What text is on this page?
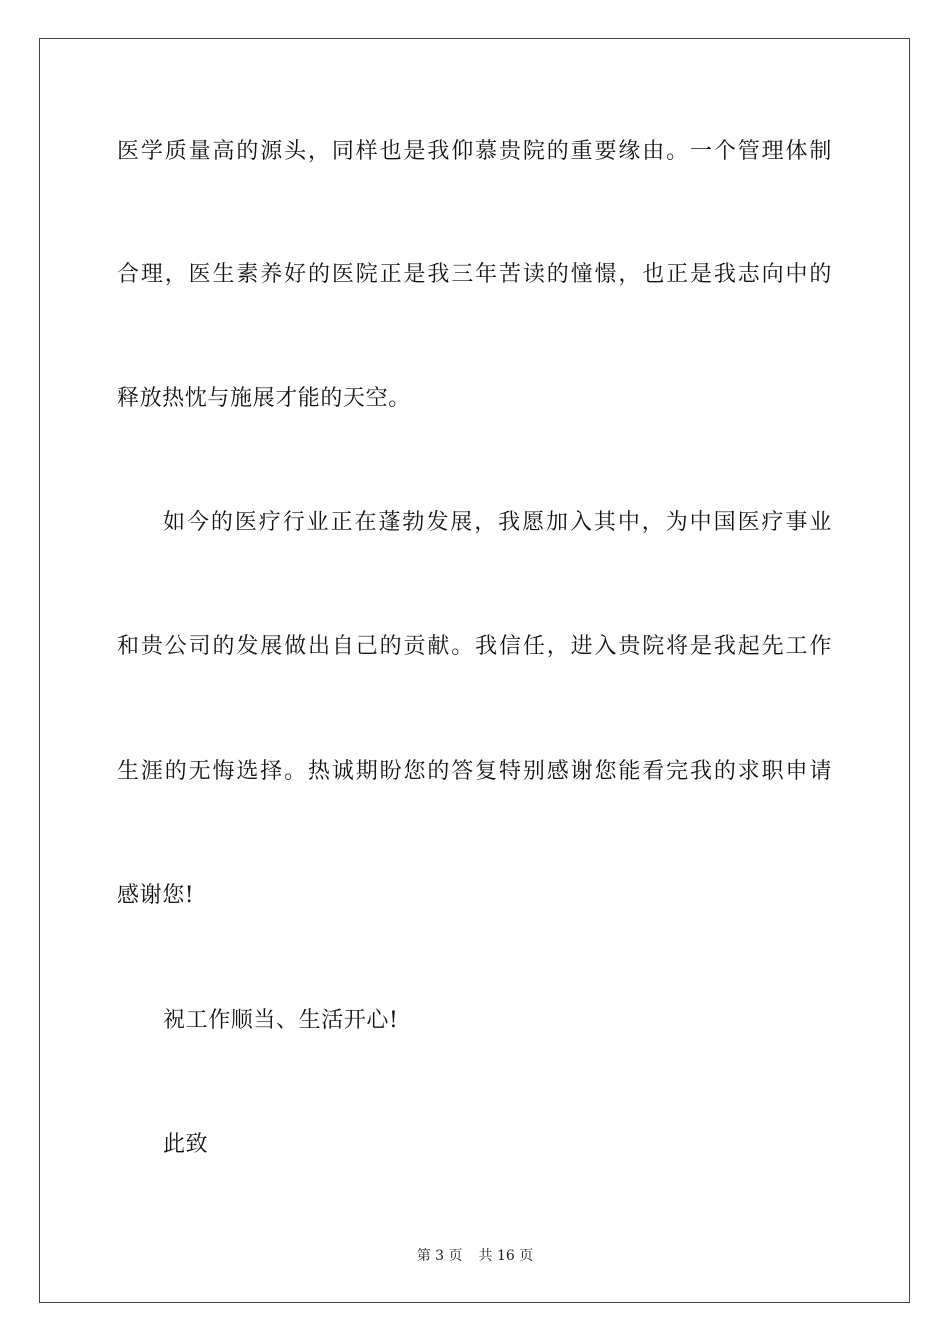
医学质量高的源头，同样也是我仰慕贵院的重要缘由。一个管理体制
合理，医生素养好的医院正是我三年苦读的憧憬，也正是我志向中的
释放热忱与施展才能的天空。
如今的医疗行业正在蓬勃发展，我愿加入其中，为中国医疗事业
和贵公司的发展做出自己的贡献。我信任，进入贵院将是我起先工作
生涯的无悔选择。热诚期盼您的答复特别感谢您能看完我的求职申请
感谢您!
祝工作顺当、生活开心!
此致
第 3 页 共 16 页
